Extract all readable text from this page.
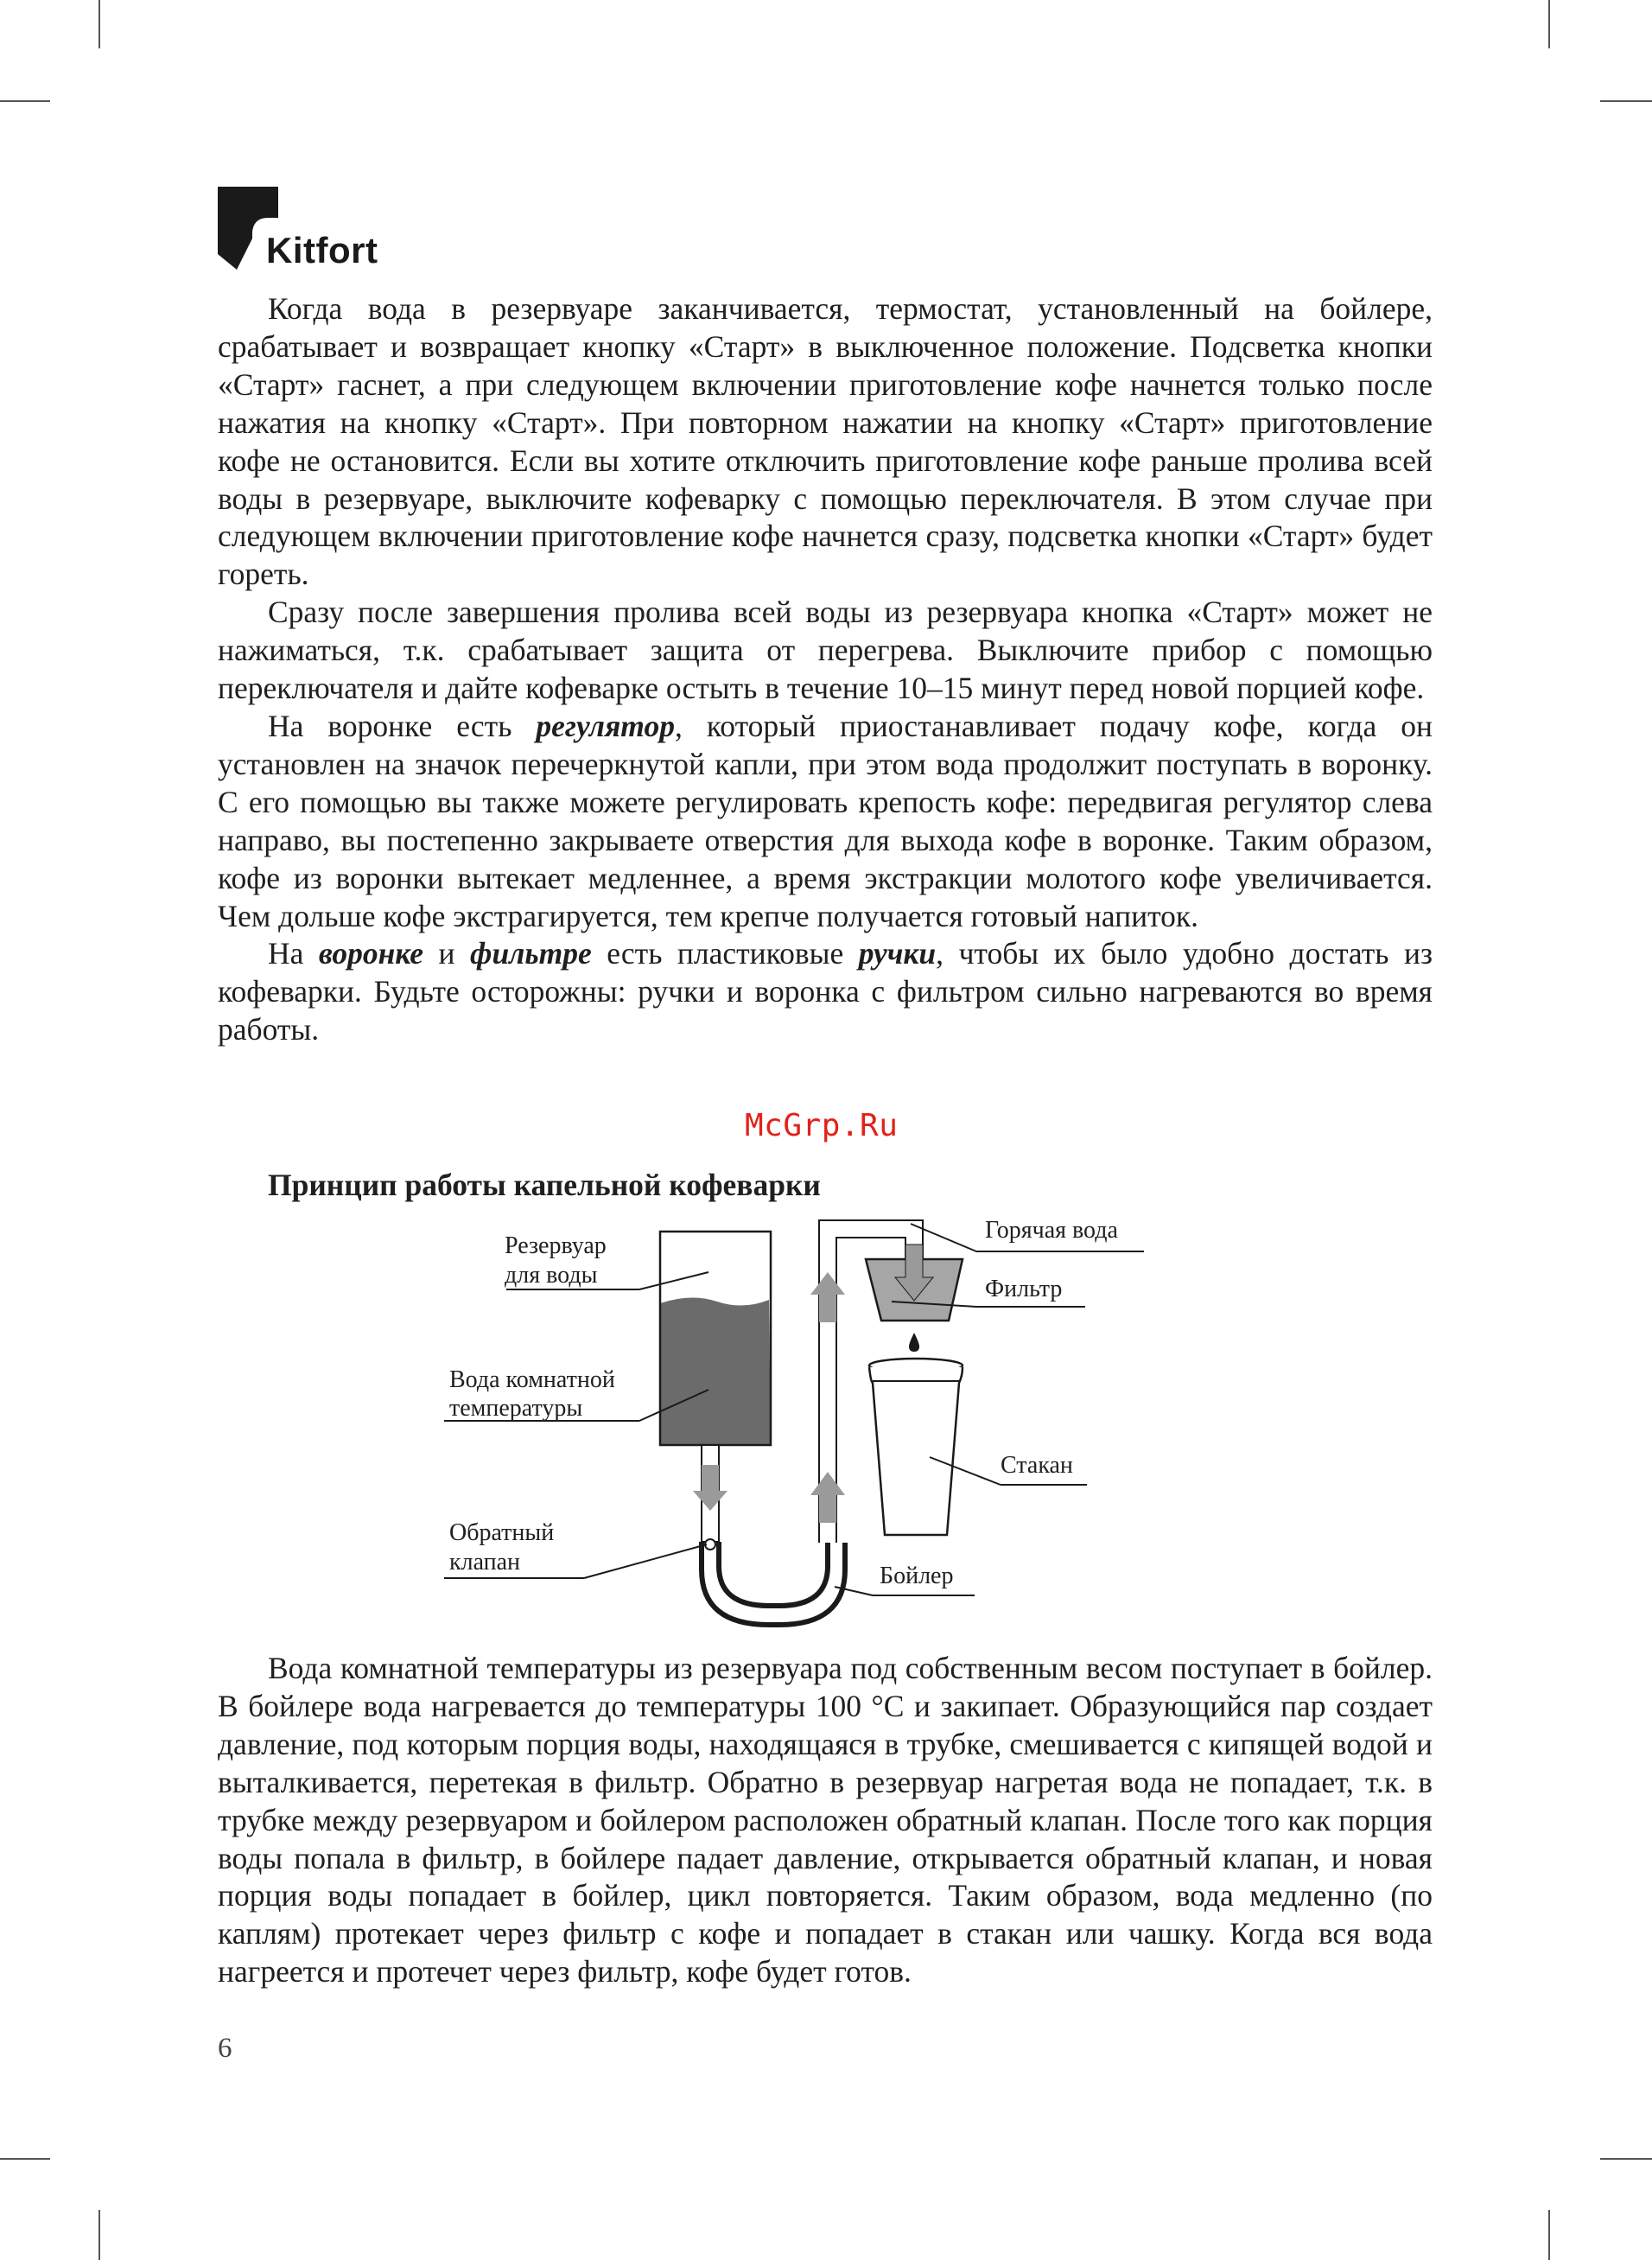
Kitfort

Когда вода в резервуаре заканчивается, термостат, установленный на бойлере, срабатывает и возвращает кнопку «Старт» в выключенное положение. Подсветка кнопки «Старт» гаснет, а при следующем включении приготовление кофе начнется только после нажатия на кнопку «Старт». При повторном нажатии на кнопку «Старт» приготовление кофе не остановится. Если вы хотите отключить приготовление кофе раньше пролива всей воды в резервуаре, выключите кофеварку с помощью переключателя. В этом случае при следующем включении приготовление кофе начнется сразу, подсветка кнопки «Старт» будет гореть.

Сразу после завершения пролива всей воды из резервуара кнопка «Старт» может не нажиматься, т.к. срабатывает защита от перегрева. Выключите прибор с помощью переключателя и дайте кофеварке остыть в течение 10–15 минут перед новой порцией кофе.

На воронке есть регулятор, который приостанавливает подачу кофе, когда он установлен на значок перечеркнутой капли, при этом вода продолжит поступать в воронку. С его помощью вы также можете регулировать крепость кофе: передвигая регулятор слева направо, вы постепенно закрываете отверстия для выхода кофе в воронке. Таким образом, кофе из воронки вытекает медленнее, а время экстракции молотого кофе увеличивается. Чем дольше кофе экстрагируется, тем крепче получается готовый напиток.

На воронке и фильтре есть пластиковые ручки, чтобы их было удобно достать из кофеварки. Будьте осторожны: ручки и воронка с фильтром сильно нагреваются во время работы.

McGrp.Ru
Принцип работы капельной кофеварки
Резервуар
для воды
Вода комнатной
температуры
Обратный
клапан
Горячая вода
Фильтр
Стакан
Бойлер

Вода комнатной температуры из резервуара под собственным весом поступает в бойлер. В бойлере вода нагревается до температуры 100 °С и закипает. Образующийся пар создает давление, под которым порция воды, находящаяся в трубке, смешивается с кипящей водой и выталкивается, перетекая в фильтр. Обратно в резервуар нагретая вода не попадает, т.к. в трубке между резервуаром и бойлером расположен обратный клапан. После того как порция воды попала в фильтр, в бойлере падает давление, открывается обратный клапан, и новая порция воды попадает в бойлер, цикл повторяется. Таким образом, вода медленно (по каплям) протекает через фильтр с кофе и попадает в стакан или чашку. Когда вся вода нагреется и протечет через фильтр, кофе будет готов.

6
